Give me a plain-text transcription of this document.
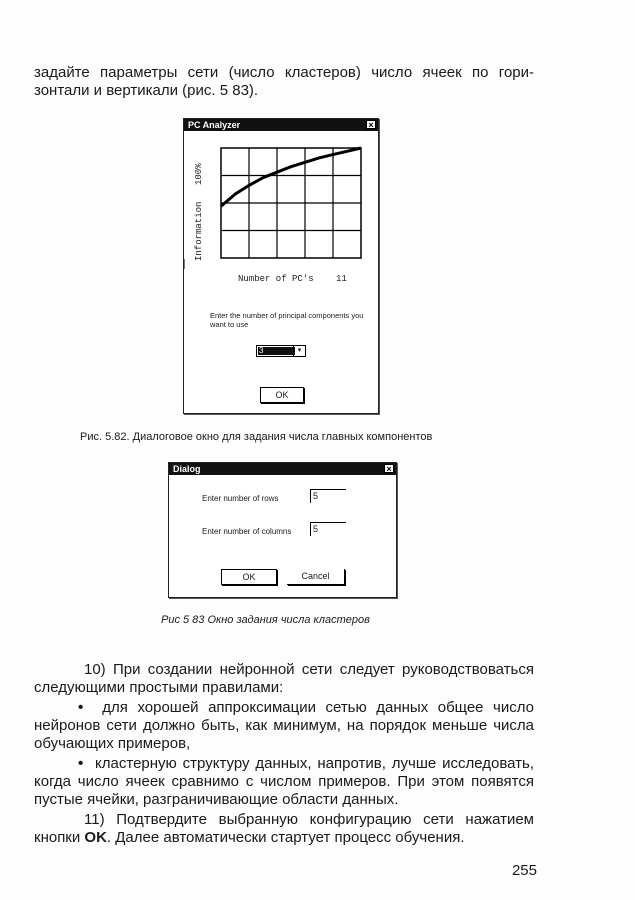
задайте параметры сети (число кластеров) число ячеек по гори-

зонтали и вертикали (рис. 5 83).

PC Analyzer	×
100%
Information
Number of PC's 11
Enter the number of principal components you want to use
3	▾
OK
Рис. 5.82. Диалоговое окно для задания числа главных компонентов
Dialog	×
Enter number of rows	5
Enter number of columns	5
OK	Cancel
Рис 5 83 Окно задания числа кластеров

10) При создании нейронной сети следует руководствоваться следующими простыми правилами:

• для хорошей аппроксимации сетью данных общее число нейронов сети должно быть, как минимум, на порядок меньше числа обучающих примеров,

• кластерную структуру данных, напротив, лучше исследовать, когда число ячеек сравнимо с числом примеров. При этом появятся пустые ячейки, разграничивающие области данных.

11) Подтвердите выбранную конфигурацию сети нажатием кнопки OK. Далее автоматически стартует процесс обучения.

255
